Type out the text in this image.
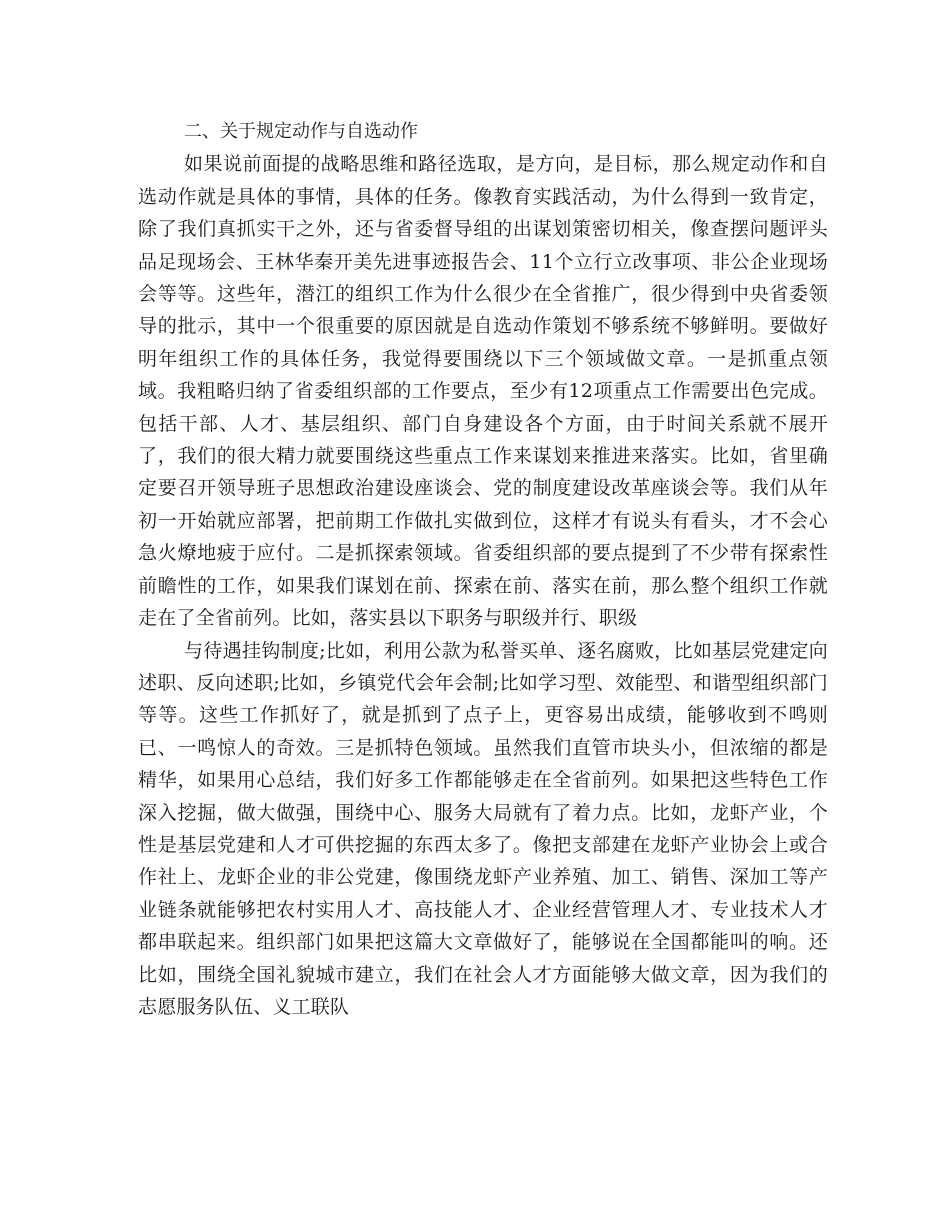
二、关于规定动作与自选动作

如果说前面提的战略思维和路径选取，是方向，是目标，那么规定动作和自选动作就是具体的事情，具体的任务。像教育实践活动，为什么得到一致肯定，除了我们真抓实干之外，还与省委督导组的出谋划策密切相关，像查摆问题评头品足现场会、王林华秦开美先进事迹报告会、11个立行立改事项、非公企业现场会等等。这些年，潜江的组织工作为什么很少在全省推广，很少得到中央省委领导的批示，其中一个很重要的原因就是自选动作策划不够系统不够鲜明。要做好明年组织工作的具体任务，我觉得要围绕以下三个领域做文章。一是抓重点领域。我粗略归纳了省委组织部的工作要点，至少有12项重点工作需要出色完成。包括干部、人才、基层组织、部门自身建设各个方面，由于时间关系就不展开了，我们的很大精力就要围绕这些重点工作来谋划来推进来落实。比如，省里确定要召开领导班子思想政治建设座谈会、党的制度建设改革座谈会等。我们从年初一开始就应部署，把前期工作做扎实做到位，这样才有说头有看头，才不会心急火燎地疲于应付。二是抓探索领域。省委组织部的要点提到了不少带有探索性前瞻性的工作，如果我们谋划在前、探索在前、落实在前，那么整个组织工作就走在了全省前列。比如，落实县以下职务与职级并行、职级

与待遇挂钩制度;比如，利用公款为私誉买单、逐名腐败，比如基层党建定向述职、反向述职;比如，乡镇党代会年会制;比如学习型、效能型、和谐型组织部门等等。这些工作抓好了，就是抓到了点子上，更容易出成绩，能够收到不鸣则已、一鸣惊人的奇效。三是抓特色领域。虽然我们直管市块头小，但浓缩的都是精华，如果用心总结，我们好多工作都能够走在全省前列。如果把这些特色工作深入挖掘，做大做强，围绕中心、服务大局就有了着力点。比如，龙虾产业，个性是基层党建和人才可供挖掘的东西太多了。像把支部建在龙虾产业协会上或合作社上、龙虾企业的非公党建，像围绕龙虾产业养殖、加工、销售、深加工等产业链条就能够把农村实用人才、高技能人才、企业经营管理人才、专业技术人才都串联起来。组织部门如果把这篇大文章做好了，能够说在全国都能叫的响。还比如，围绕全国礼貌城市建立，我们在社会人才方面能够大做文章，因为我们的志愿服务队伍、义工联队
